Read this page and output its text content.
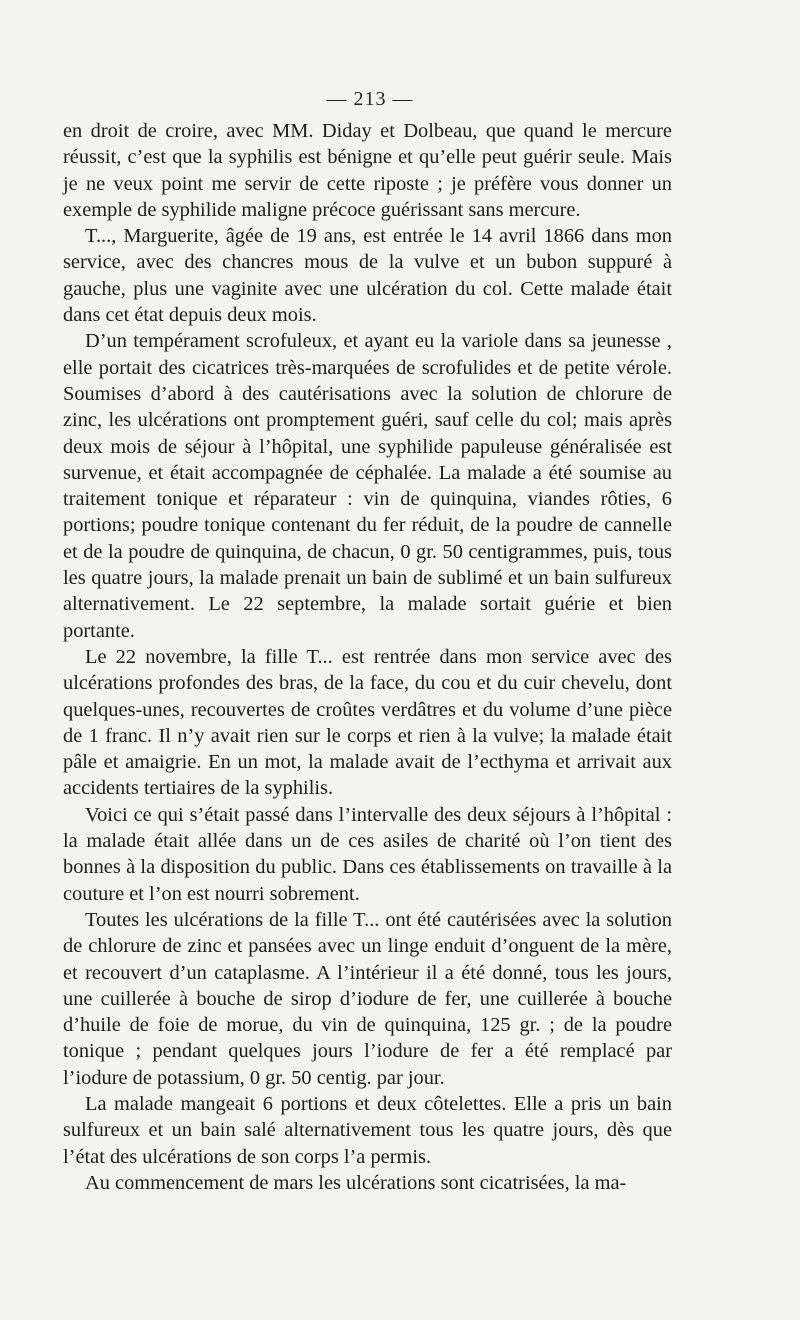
— 213 —

en droit de croire, avec MM. Diday et Dolbeau, que quand le mercure réussit, c’est que la syphilis est bénigne et qu’elle peut guérir seule. Mais je ne veux point me servir de cette riposte ; je préfère vous donner un exemple de syphilide maligne précoce guérissant sans mercure.

T..., Marguerite, âgée de 19 ans, est entrée le 14 avril 1866 dans mon service, avec des chancres mous de la vulve et un bubon suppuré à gauche, plus une vaginite avec une ulcération du col. Cette malade était dans cet état depuis deux mois.

D’un tempérament scrofuleux, et ayant eu la variole dans sa jeunesse , elle portait des cicatrices très-marquées de scrofulides et de petite vérole. Soumises d’abord à des cautérisations avec la solution de chlorure de zinc, les ulcérations ont promptement guéri, sauf celle du col; mais après deux mois de séjour à l’hôpital, une syphilide papuleuse généralisée est survenue, et était accompagnée de céphalée. La malade a été soumise au traitement tonique et réparateur : vin de quinquina, viandes rôties, 6 portions; poudre tonique contenant du fer réduit, de la poudre de cannelle et de la poudre de quinquina, de chacun, 0 gr. 50 centigrammes, puis, tous les quatre jours, la malade prenait un bain de sublimé et un bain sulfureux alternativement. Le 22 septembre, la malade sortait guérie et bien portante.

Le 22 novembre, la fille T... est rentrée dans mon service avec des ulcérations profondes des bras, de la face, du cou et du cuir chevelu, dont quelques-unes, recouvertes de croûtes verdâtres et du volume d’une pièce de 1 franc. Il n’y avait rien sur le corps et rien à la vulve; la malade était pâle et amaigrie. En un mot, la malade avait de l’ecthyma et arrivait aux accidents tertiaires de la syphilis.

Voici ce qui s’était passé dans l’intervalle des deux séjours à l’hôpital : la malade était allée dans un de ces asiles de charité où l’on tient des bonnes à la disposition du public. Dans ces établissements on travaille à la couture et l’on est nourri sobrement.

Toutes les ulcérations de la fille T... ont été cautérisées avec la solution de chlorure de zinc et pansées avec un linge enduit d’onguent de la mère, et recouvert d’un cataplasme. A l’intérieur il a été donné, tous les jours, une cuillerée à bouche de sirop d’iodure de fer, une cuillerée à bouche d’huile de foie de morue, du vin de quinquina, 125 gr. ; de la poudre tonique ; pendant quelques jours l’iodure de fer a été remplacé par l’iodure de potassium, 0 gr. 50 centig. par jour.

La malade mangeait 6 portions et deux côtelettes. Elle a pris un bain sulfureux et un bain salé alternativement tous les quatre jours, dès que l’état des ulcérations de son corps l’a permis.

Au commencement de mars les ulcérations sont cicatrisées, la ma-
